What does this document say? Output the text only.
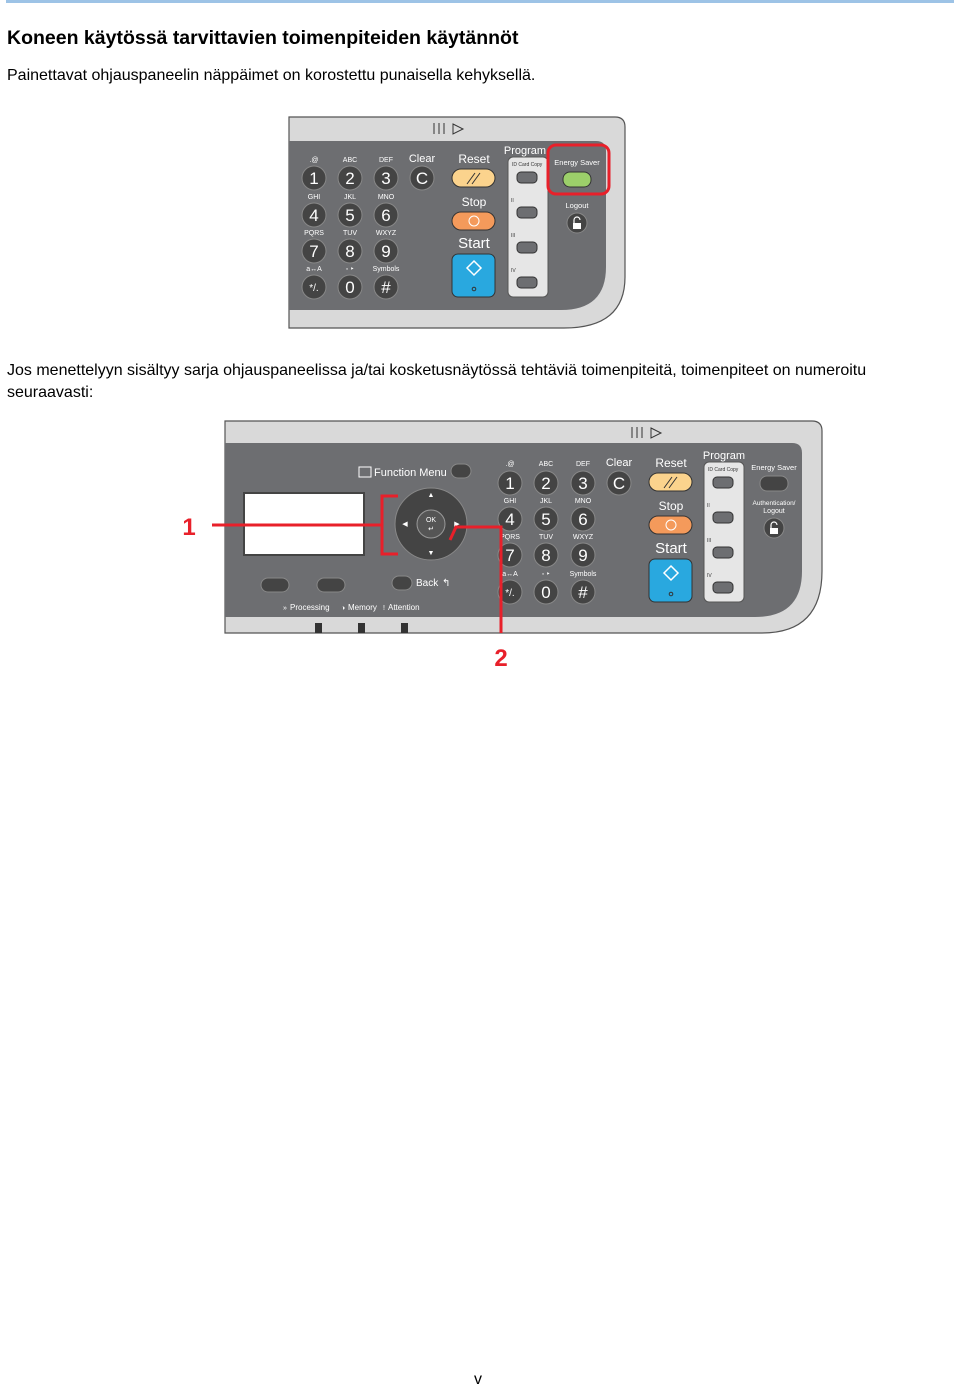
Koneen käytössä tarvittavien toimenpiteiden käytännöt
Painettavat ohjauspaneelin näppäimet on korostettu punaisella kehyksellä.
.@	ABC	DEF
1 2 3
GHI	JKL	MNO
4 5 6
PQRS	TUV	WXYZ
7 8 9
a↔A	◦ ‣	Symbols
*/. 0 #
Clear
C
Reset
Stop
Start
Program
ID Card Copy
II
III
IV
Energy Saver
Logout
Jos menettelyyn sisältyy sarja ohjauspaneelissa ja/tai kosketusnäytössä tehtäviä toimenpiteitä, toimenpiteet on numeroitu seuraavasti:
Processing Memory Attention
»	◑	!
Function Menu
OK
↵
▲
▼
◀	▶
Back ↰
.@	ABC	DEF
1 2 3
GHI	JKL	MNO
4 5 6
PQRS	TUV	WXYZ
7 8 9
a↔A	◦ ‣	Symbols
*/. 0 #
Clear
C
Reset
Stop
Start
Program
ID Card Copy
II
III
IV
Energy Saver
Authentication/
Logout
1
2
v
